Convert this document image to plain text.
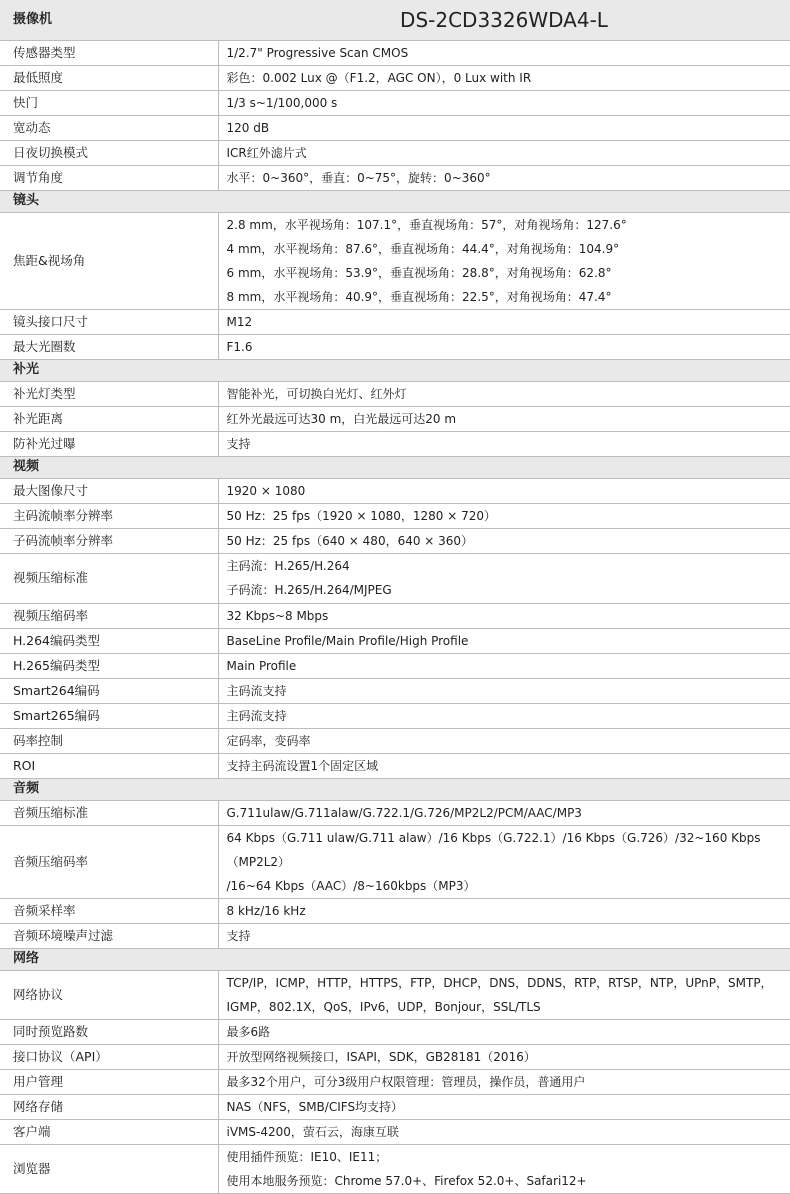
摄像机	DS-2CD3326WDA4-L
传感器类型	1/2.7" Progressive Scan CMOS

最低照度	彩色：0.002 Lux @（F1.2，AGC ON），0 Lux with IR

快门	1/3 s~1/100,000 s

宽动态	120 dB

日夜切换模式	ICR红外滤片式

调节角度	水平：0~360°，垂直：0~75°，旋转：0~360°

镜头	
焦距&视场角	2.8 mm，水平视场角：107.1°，垂直视场角：57°，对角视场角：127.6°
4 mm，水平视场角：87.6°，垂直视场角：44.4°，对角视场角：104.9°
6 mm，水平视场角：53.9°，垂直视场角：28.8°，对角视场角：62.8°
8 mm，水平视场角：40.9°，垂直视场角：22.5°，对角视场角：47.4°

镜头接口尺寸	M12

最大光圈数	F1.6

补光	
补光灯类型	智能补光，可切换白光灯、红外灯

补光距离	红外光最远可达30 m，白光最远可达20 m

防补光过曝	支持

视频	
最大图像尺寸	1920 × 1080

主码流帧率分辨率	50 Hz：25 fps（1920 × 1080，1280 × 720）

子码流帧率分辨率	50 Hz：25 fps（640 × 480，640 × 360）

视频压缩标准	主码流：H.265/H.264
子码流：H.265/H.264/MJPEG

视频压缩码率	32 Kbps~8 Mbps

H.264编码类型	BaseLine Profile/Main Profile/High Profile

H.265编码类型	Main Profile

Smart264编码	主码流支持

Smart265编码	主码流支持

码率控制	定码率，变码率

ROI	支持主码流设置1个固定区域

音频	
音频压缩标准	G.711ulaw/G.711alaw/G.722.1/G.726/MP2L2/PCM/AAC/MP3

音频压缩码率	64 Kbps（G.711 ulaw/G.711 alaw）/16 Kbps（G.722.1）/16 Kbps（G.726）/32~160 Kbps（MP2L2）
/16~64 Kbps（AAC）/8~160kbps（MP3）

音频采样率	8 kHz/16 kHz

音频环境噪声过滤	支持

网络	
网络协议	TCP/IP，ICMP，HTTP，HTTPS，FTP，DHCP，DNS，DDNS，RTP，RTSP，NTP，UPnP，SMTP，
IGMP，802.1X，QoS，IPv6，UDP，Bonjour，SSL/TLS

同时预览路数	最多6路

接口协议（API）	开放型网络视频接口，ISAPI，SDK，GB28181（2016）

用户管理	最多32个用户，可分3级用户权限管理：管理员，操作员，普通用户

网络存储	NAS（NFS，SMB/CIFS均支持）

客户端	iVMS-4200，萤石云，海康互联

浏览器	使用插件预览：IE10、IE11；
使用本地服务预览：Chrome 57.0+、Firefox 52.0+、Safari12+
